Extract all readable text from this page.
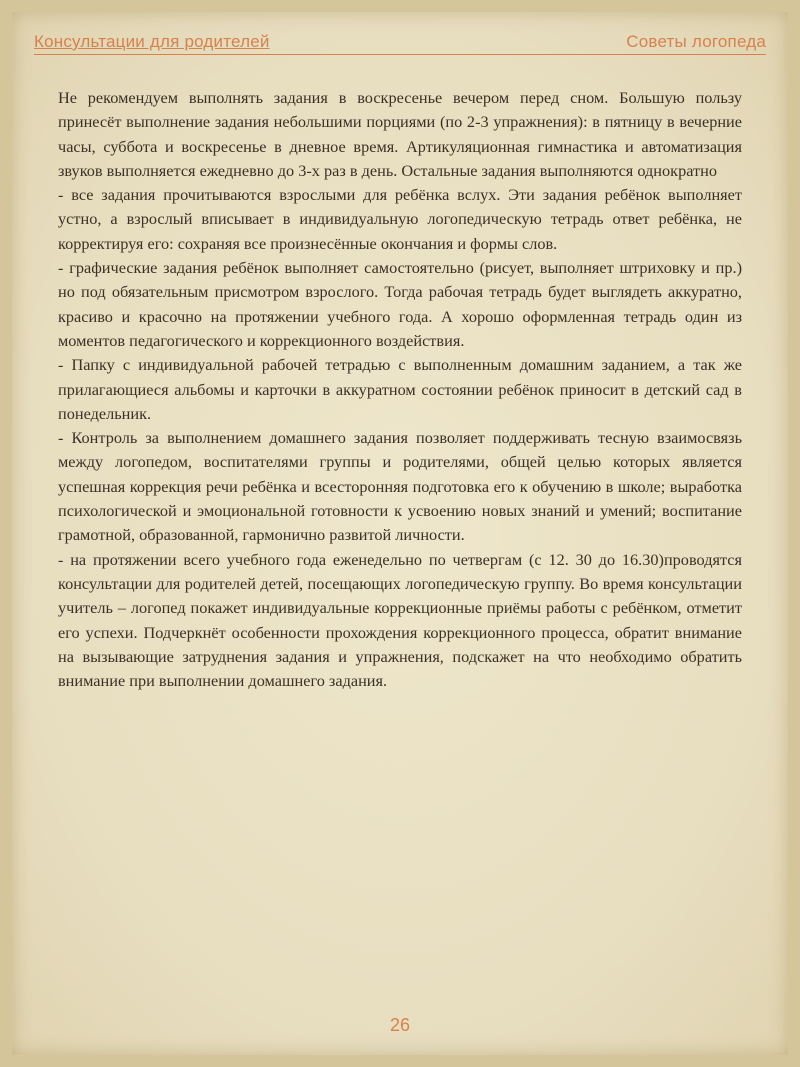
Консультации для родителей	Советы логопеда

Не рекомендуем выполнять задания в воскресенье вечером перед сном. Большую пользу принесёт выполнение задания небольшими порциями (по 2-3 упражнения): в пятницу в вечерние часы, суббота и воскресенье в дневное время. Артикуляционная гимнастика и автоматизация звуков выполняется ежедневно до 3-х раз в день. Остальные задания выполняются однократно

- все задания прочитываются взрослыми для ребёнка вслух. Эти задания ребёнок выполняет устно, а взрослый вписывает в индивидуальную логопедическую тетрадь ответ ребёнка, не корректируя его: сохраняя все произнесённые окончания и формы слов.

- графические задания ребёнок выполняет самостоятельно (рисует, выполняет штриховку и пр.) но под обязательным присмотром взрослого. Тогда рабочая тетрадь будет выглядеть аккуратно, красиво и красочно на протяжении учебного года. А хорошо оформленная тетрадь один из моментов педагогического и коррекционного воздействия.

- Папку с индивидуальной рабочей тетрадью с выполненным домашним заданием, а так же прилагающиеся альбомы и карточки в аккуратном состоянии ребёнок приносит в детский сад в понедельник.

- Контроль за выполнением домашнего задания позволяет поддерживать тесную взаимосвязь между логопедом, воспитателями группы и родителями, общей целью которых является успешная коррекция речи ребёнка и всесторонняя подготовка его к обучению в школе; выработка психологической и эмоциональной готовности к усвоению новых знаний и умений; воспитание грамотной, образованной, гармонично развитой личности.

- на протяжении всего учебного года еженедельно по четвергам (с 12. 30 до 16.30)проводятся консультации для родителей детей, посещающих логопедическую группу. Во время консультации учитель – логопед покажет индивидуальные коррекционные приёмы работы с ребёнком, отметит его успехи. Подчеркнёт особенности прохождения коррекционного процесса, обратит внимание на вызывающие затруднения задания и упражнения, подскажет на что необходимо обратить внимание при выполнении домашнего задания.

26
